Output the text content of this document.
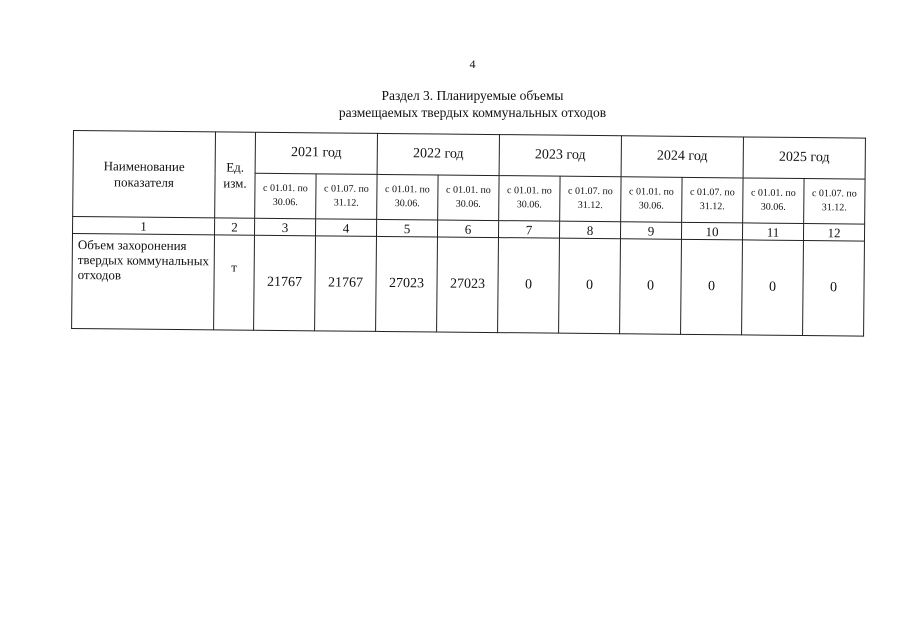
4
Раздел 3. Планируемые объемы
размещаемых твердых коммунальных отходов
Наименование показателя	Ед. изм.	2021 год		2022 год		2023 год		2024 год		2025 год	
		с 01.01. по 30.06.	с 01.07. по 31.12.	с 01.01. по 30.06.	с 01.01. по 30.06.	с 01.01. по 30.06.	с 01.07. по 31.12.	с 01.01. по 30.06.	с 01.07. по 31.12.	с 01.01. по 30.06.	с 01.07. по 31.12.
1	2	3	4	5	6	7	8	9	10	11	12
Объем захоронения твердых коммунальных отходов	т	21767	21767	27023	27023	0	0	0	0	0	0
